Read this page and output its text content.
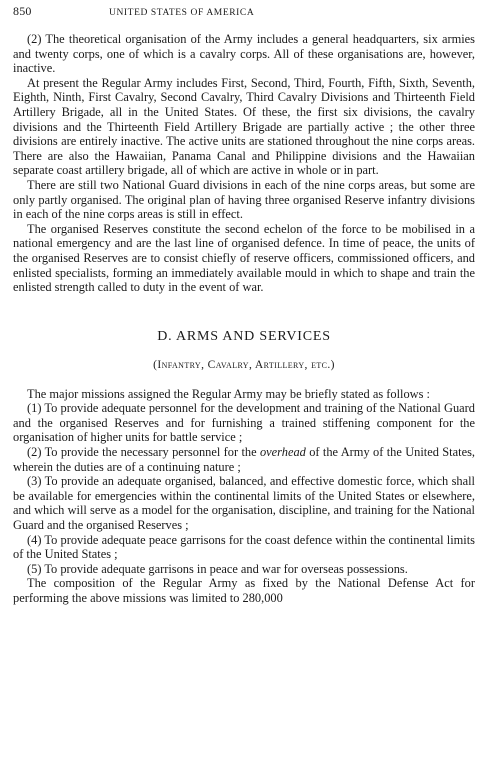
850	UNITED STATES OF AMERICA

(2) The theoretical organisation of the Army includes a general headquarters, six armies and twenty corps, one of which is a cavalry corps. All of these organisations are, however, inactive.

At present the Regular Army includes First, Second, Third, Fourth, Fifth, Sixth, Seventh, Eighth, Ninth, First Cavalry, Second Cavalry, Third Cavalry Divisions and Thirteenth Field Artillery Brigade, all in the United States. Of these, the first six divisions, the cavalry divisions and the Thirteenth Field Artillery Brigade are partially active ; the other three divisions are entirely inactive. The active units are stationed throughout the nine corps areas. There are also the Hawaiian, Panama Canal and Philippine divisions and the Hawaiian separate coast artillery brigade, all of which are active in whole or in part.

There are still two National Guard divisions in each of the nine corps areas, but some are only partly organised. The original plan of having three organised Reserve infantry divisions in each of the nine corps areas is still in effect.

The organised Reserves constitute the second echelon of the force to be mobilised in a national emergency and are the last line of organised defence. In time of peace, the units of the organised Reserves are to consist chiefly of reserve officers, commissioned officers, and enlisted specialists, forming an immediately available mould in which to shape and train the enlisted strength called to duty in the event of war.

D. ARMS AND SERVICES
(Infantry, Cavalry, Artillery, etc.)

The major missions assigned the Regular Army may be briefly stated as follows :

(1) To provide adequate personnel for the development and training of the National Guard and the organised Reserves and for furnishing a trained stiffening component for the organisation of higher units for battle service ;

(2) To provide the necessary personnel for the overhead of the Army of the United States, wherein the duties are of a continuing nature ;

(3) To provide an adequate organised, balanced, and effective domestic force, which shall be available for emergencies within the continental limits of the United States or elsewhere, and which will serve as a model for the organisation, discipline, and training for the National Guard and the organised Reserves ;

(4) To provide adequate peace garrisons for the coast defence within the continental limits of the United States ;

(5) To provide adequate garrisons in peace and war for overseas possessions.

The composition of the Regular Army as fixed by the National Defense Act for performing the above missions was limited to 280,000
